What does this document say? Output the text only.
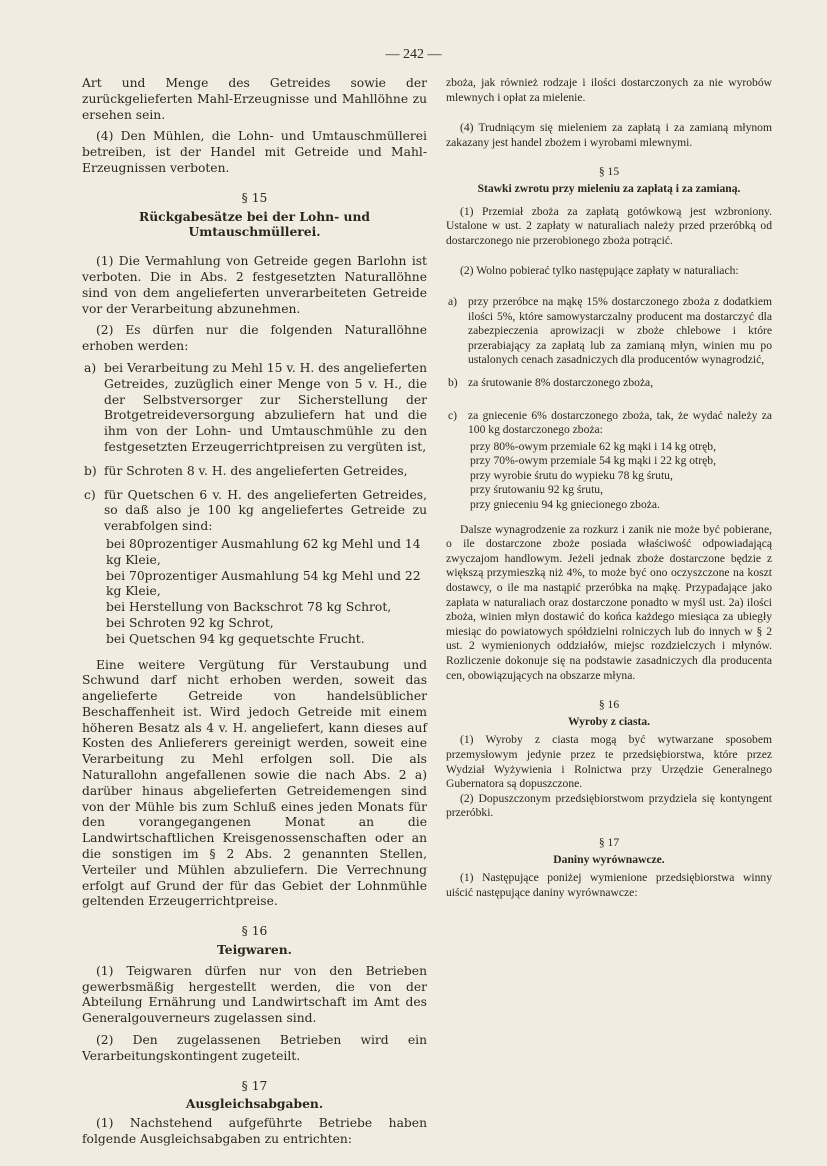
— 242 —

Art und Menge des Getreides sowie der zurückgelieferten Mahl-Erzeugnisse und Mahllöhne zu ersehen sein.

(4) Den Mühlen, die Lohn- und Umtauschmüllerei betreiben, ist der Handel mit Getreide und Mahl-Erzeugnissen verboten.

§ 15
Rückgabesätze bei der Lohn- und Umtauschmüllerei.

(1) Die Vermahlung von Getreide gegen Barlohn ist verboten. Die in Abs. 2 festgesetzten Naturallöhne sind von dem angelieferten unverarbeiteten Getreide vor der Verarbeitung abzunehmen.

(2) Es dürfen nur die folgenden Naturallöhne erhoben werden:

a) bei Verarbeitung zu Mehl 15 v. H. des angelieferten Getreides, zuzüglich einer Menge von 5 v. H., die der Selbstversorger zur Sicherstellung der Brotgetreideversorgung abzuliefern hat und die ihm von der Lohn- und Umtauschmühle zu den festgesetzten Erzeugerrichtpreisen zu vergüten ist,
b) für Schroten 8 v. H. des angelieferten Getreides,
c) für Quetschen 6 v. H. des angelieferten Getreides, so daß also je 100 kg angeliefertes Getreide zu verabfolgen sind:
bei 80prozentiger Ausmahlung 62 kg Mehl und 14 kg Kleie,
bei 70prozentiger Ausmahlung 54 kg Mehl und 22 kg Kleie,
bei Herstellung von Backschrot 78 kg Schrot,
bei Schroten 92 kg Schrot,
bei Quetschen 94 kg gequetschte Frucht.

Eine weitere Vergütung für Verstaubung und Schwund darf nicht erhoben werden, soweit das angelieferte Getreide von handelsüblicher Beschaffenheit ist. Wird jedoch Getreide mit einem höheren Besatz als 4 v. H. angeliefert, kann dieses auf Kosten des Anlieferers gereinigt werden, soweit eine Verarbeitung zu Mehl erfolgen soll. Die als Naturallohn angefallenen sowie die nach Abs. 2 a) darüber hinaus abgelieferten Getreidemengen sind von der Mühle bis zum Schluß eines jeden Monats für den vorangegangenen Monat an die Landwirtschaftlichen Kreisgenossenschaften oder an die sonstigen im § 2 Abs. 2 genannten Stellen, Verteiler und Mühlen abzuliefern. Die Verrechnung erfolgt auf Grund der für das Gebiet der Lohnmühle geltenden Erzeugerrichtpreise.

§ 16
Teigwaren.

(1) Teigwaren dürfen nur von den Betrieben gewerbsmäßig hergestellt werden, die von der Abteilung Ernährung und Landwirtschaft im Amt des Generalgouverneurs zugelassen sind.

(2) Den zugelassenen Betrieben wird ein Verarbeitungskontingent zugeteilt.

§ 17
Ausgleichsabgaben.

(1) Nachstehend aufgeführte Betriebe haben folgende Ausgleichsabgaben zu entrichten:

zboża, jak również rodzaje i ilości dostarczonych za nie wyrobów mlewnych i opłat za mielenie.

(4) Trudniącym się mieleniem za zapłatą i za zamianą młynom zakazany jest handel zbożem i wyrobami mlewnymi.

§ 15
Stawki zwrotu przy mieleniu za zapłatą i za zamianą.

(1) Przemiał zboża za zapłatą gotówkową jest wzbroniony. Ustalone w ust. 2 zapłaty w naturaliach należy przed przeróbką od dostarczonego nie przerobionego zboża potrącić.

(2) Wolno pobierać tylko następujące zapłaty w naturaliach:

a) przy przeróbce na mąkę 15% dostarczonego zboża z dodatkiem ilości 5%, które samowystarczalny producent ma dostarczyć dla zabezpieczenia aprowizacji w zboże chlebowe i które przerabiający za zapłatą lub za zamianą młyn, winien mu po ustalonych cenach zasadniczych dla producentów wynagrodzić,
b) za śrutowanie 8% dostarczonego zboża,
c) za gniecenie 6% dostarczonego zboża, tak, że wydać należy za 100 kg dostarczonego zboża:
przy 80%-owym przemiale 62 kg mąki i 14 kg otręb,
przy 70%-owym przemiale 54 kg mąki i 22 kg otręb,
przy wyrobie śrutu do wypieku 78 kg śrutu,
przy śrutowaniu 92 kg śrutu,
przy gnieceniu 94 kg gniecionego zboża.

Dalsze wynagrodzenie za rozkurz i zanik nie może być pobierane, o ile dostarczone zboże posiada właściwość odpowiadającą zwyczajom handlowym. Jeżeli jednak zboże dostarczone będzie z większą przymieszką niż 4%, to może być ono oczyszczone na koszt dostawcy, o ile ma nastąpić przeróbka na mąkę. Przypadające jako zapłata w naturaliach oraz dostarczone ponadto w myśl ust. 2a) ilości zboża, winien młyn dostawić do końca każdego miesiąca za ubiegły miesiąc do powiatowych spółdzielni rolniczych lub do innych w § 2 ust. 2 wymienionych oddziałów, miejsc rozdzielczych i młynów. Rozliczenie dokonuje się na podstawie zasadniczych dla producenta cen, obowiązujących na obszarze młyna.

§ 16
Wyroby z ciasta.

(1) Wyroby z ciasta mogą być wytwarzane sposobem przemysłowym jedynie przez te przedsiębiorstwa, które przez Wydział Wyżywienia i Rolnictwa przy Urzędzie Generalnego Gubernatora są dopuszczone.

(2) Dopuszczonym przedsiębiorstwom przydziela się kontyngent przeróbki.

§ 17
Daniny wyrównawcze.

(1) Następujące poniżej wymienione przedsiębiorstwa winny uiścić następujące daniny wyrównawcze:
